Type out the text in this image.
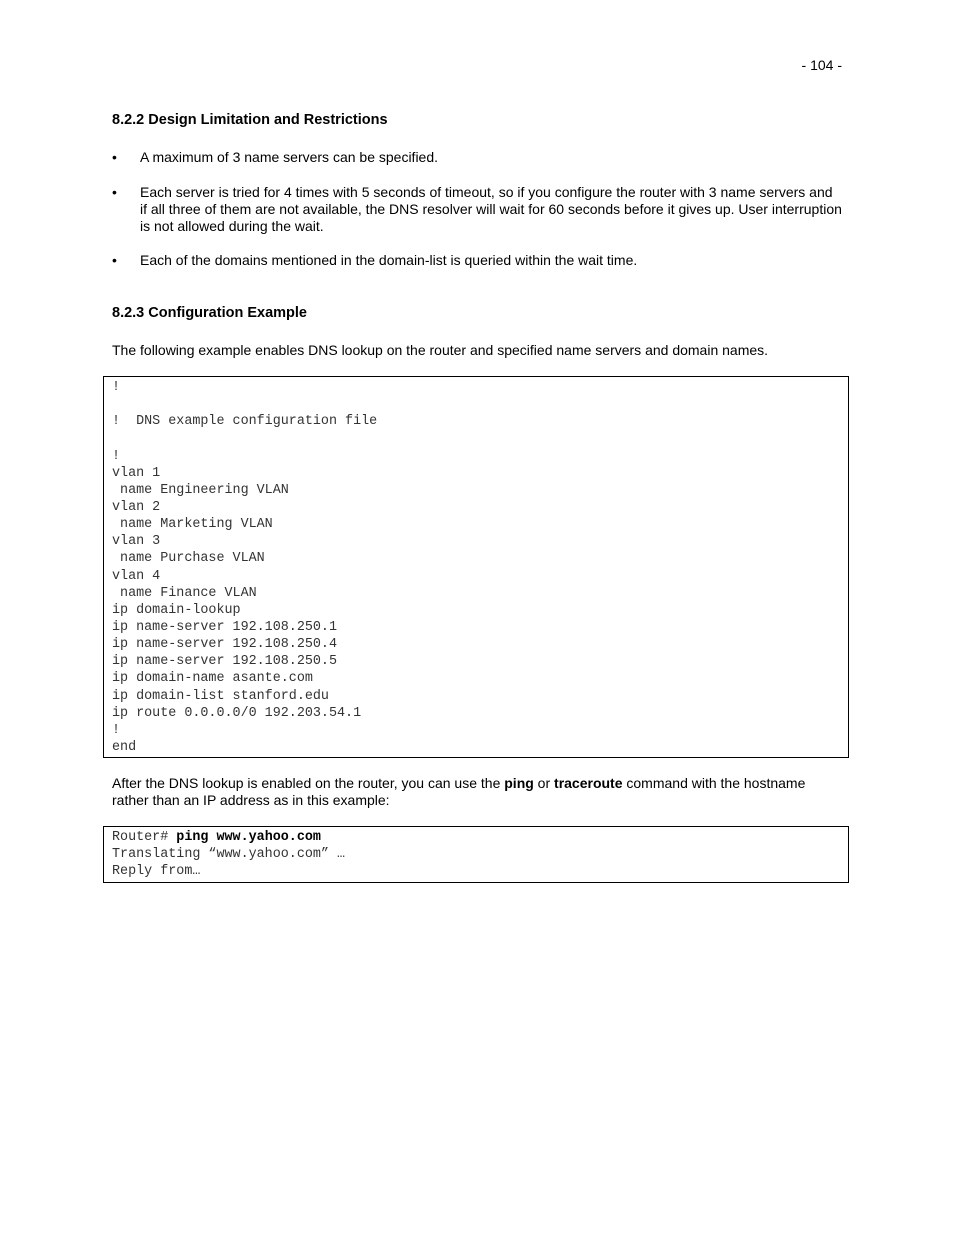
- 104 -
8.2.2 Design Limitation and Restrictions
• A maximum of 3 name servers can be specified.
• Each server is tried for 4 times with 5 seconds of timeout, so if you configure the router with 3 name servers and if all three of them are not available, the DNS resolver will wait for 60 seconds before it gives up. User interruption is not allowed during the wait.
• Each of the domains mentioned in the domain-list is queried within the wait time.
8.2.3 Configuration Example

The following example enables DNS lookup on the router and specified name servers and domain names.

!
!  DNS example configuration file
!
vlan 1
name Engineering VLAN
vlan 2
name Marketing VLAN
vlan 3
name Purchase VLAN
vlan 4
name Finance VLAN
ip domain-lookup
ip name-server 192.108.250.1
ip name-server 192.108.250.4
ip name-server 192.108.250.5
ip domain-name asante.com
ip domain-list stanford.edu
ip route 0.0.0.0/0 192.203.54.1
!
end

After the DNS lookup is enabled on the router, you can use the ping or traceroute command with the hostname rather than an IP address as in this example:

Router# ping www.yahoo.com
Translating “www.yahoo.com” …
Reply from…
